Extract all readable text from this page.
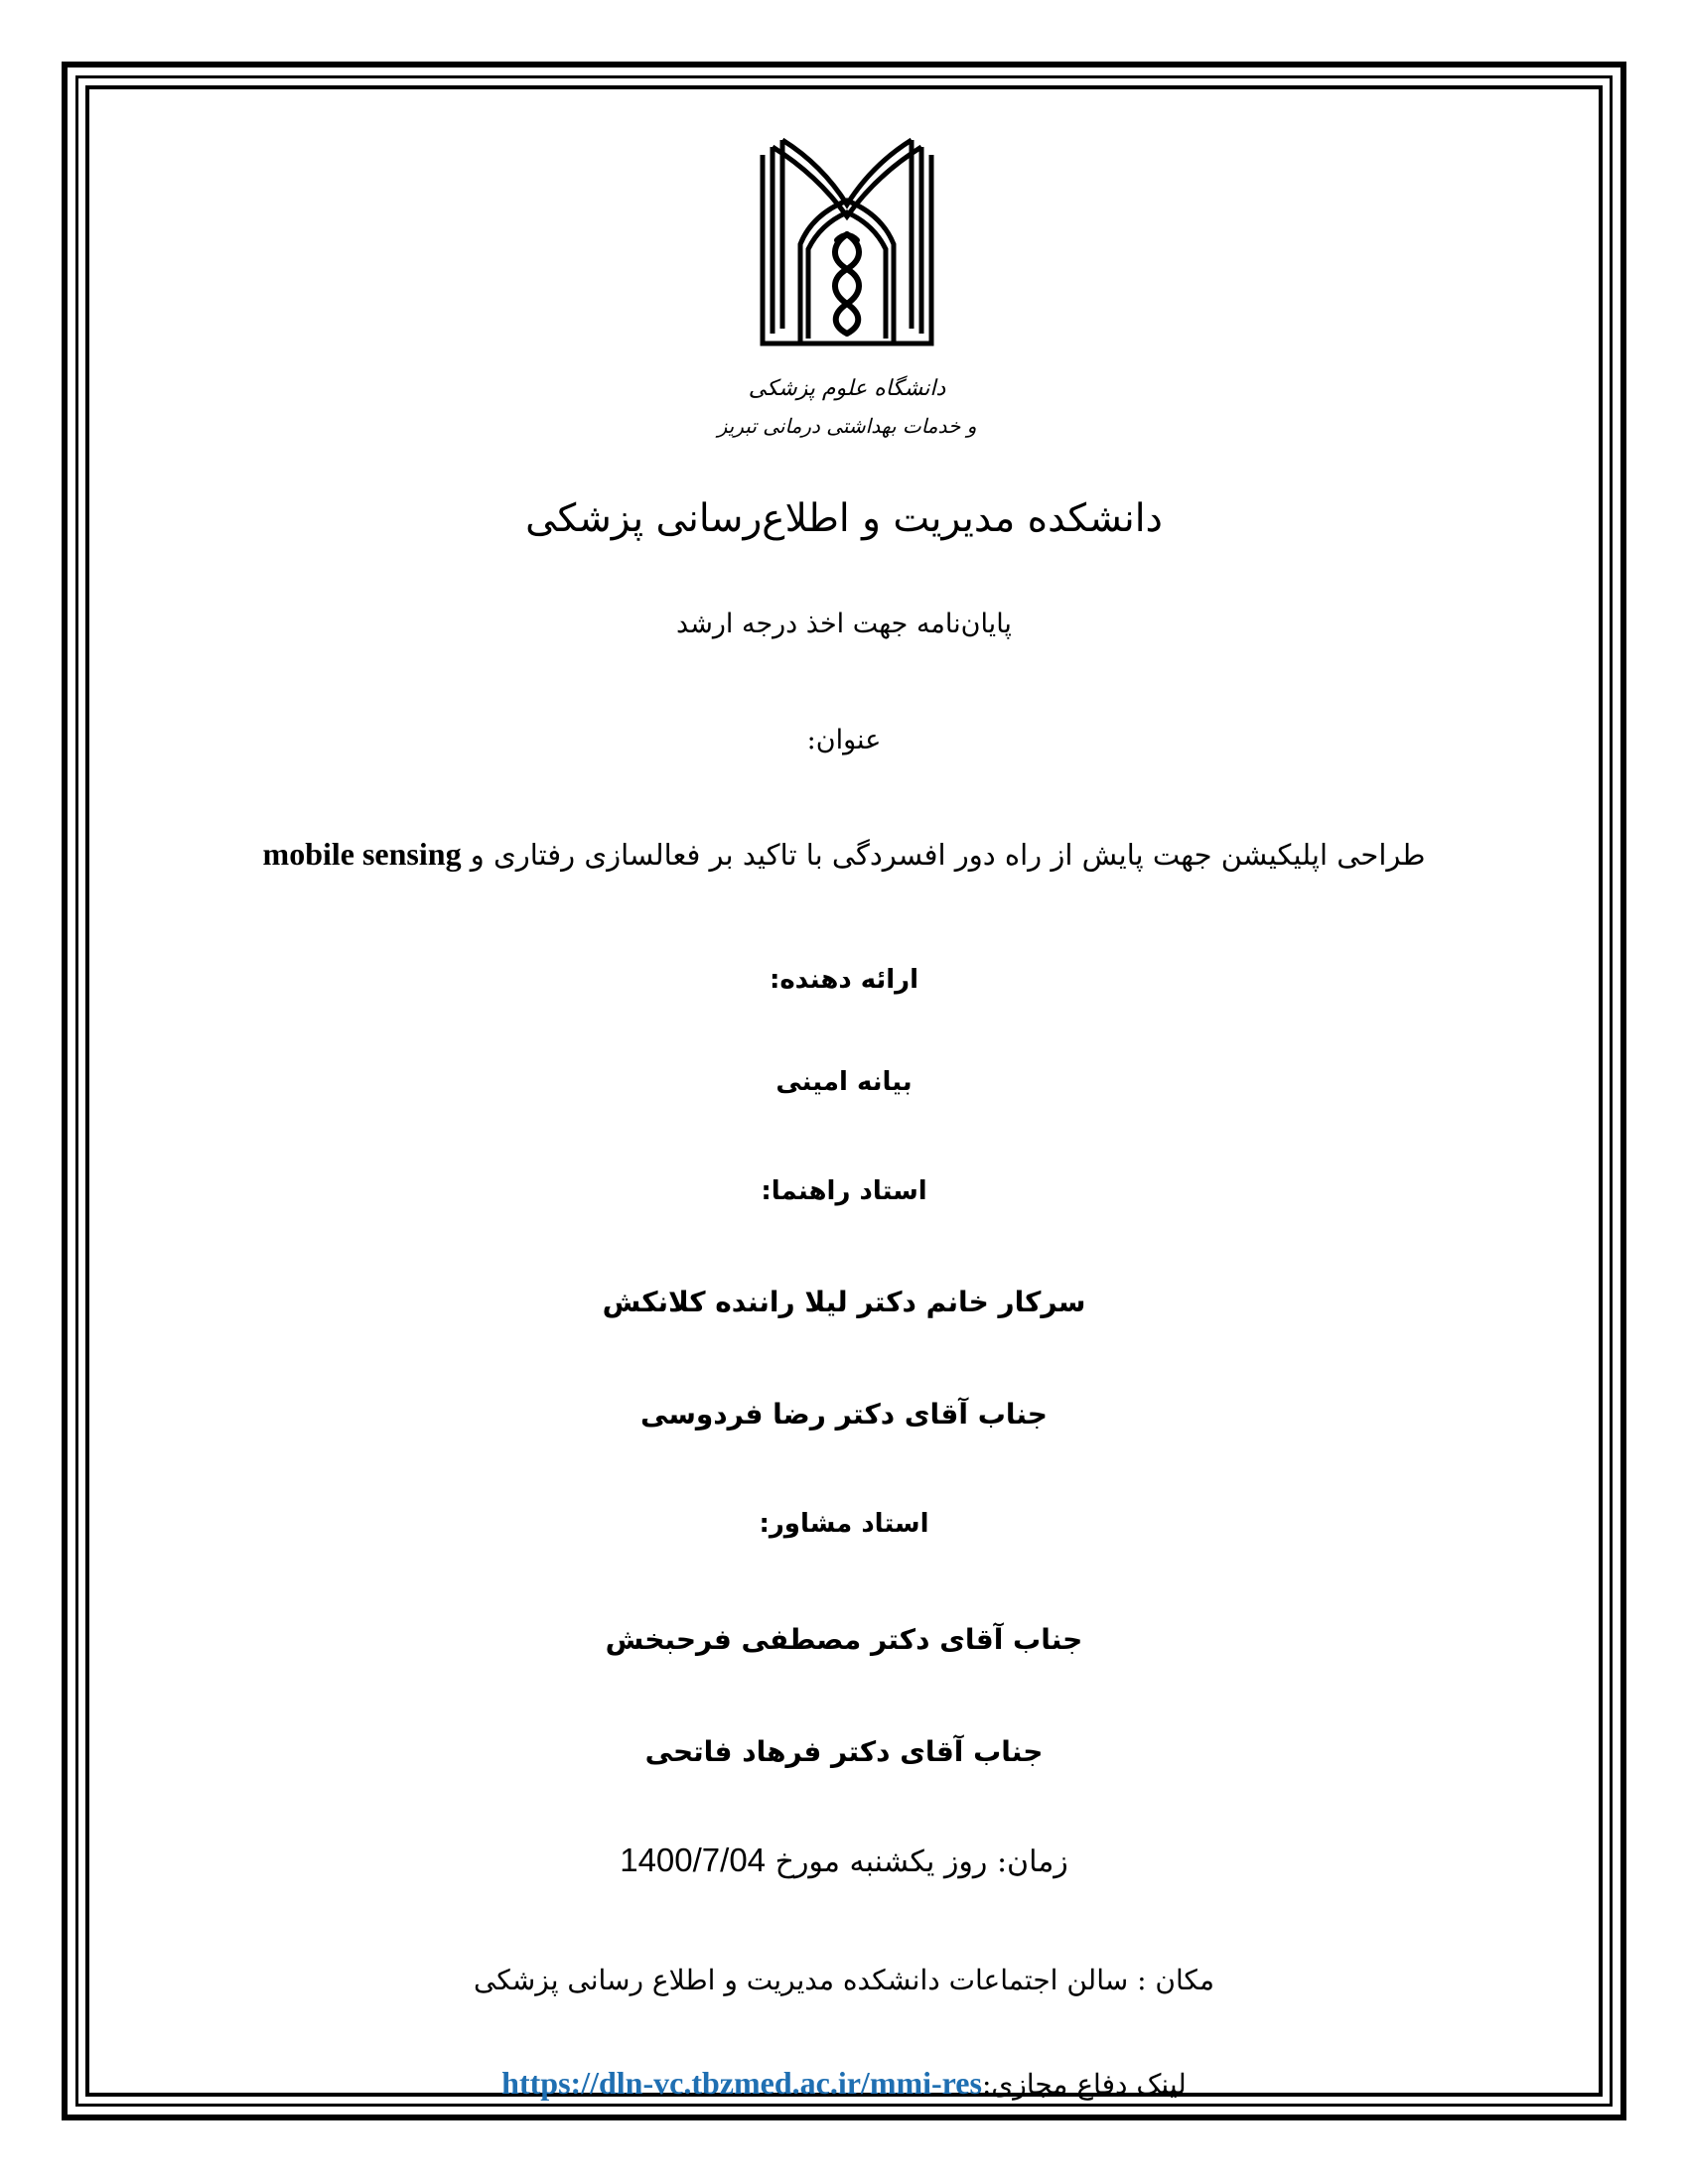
دانشگاه علوم پزشکی
و خدمات بهداشتی درمانی تبریز
دانشکده مدیریت و اطلاع‌رسانی پزشکی
پایان‌نامه جهت اخذ درجه ارشد
عنوان:
طراحی اپلیکیشن جهت پایش از راه دور افسردگی با تاکید بر فعالسازی رفتاری و mobile sensing
ارائه دهنده:
بیانه امینی
استاد راهنما:
سرکار خانم دکتر لیلا راننده کلانکش
جناب آقای دکتر رضا فردوسی
استاد مشاور:
جناب آقای دکتر مصطفی فرحبخش
جناب آقای دکتر فرهاد فاتحی
زمان: روز یکشنبه مورخ 1400/7/04
مکان : سالن اجتماعات دانشکده مدیریت و اطلاع رسانی پزشکی
لینک دفاع مجازی:https://dln-vc.tbzmed.ac.ir/mmi-res
